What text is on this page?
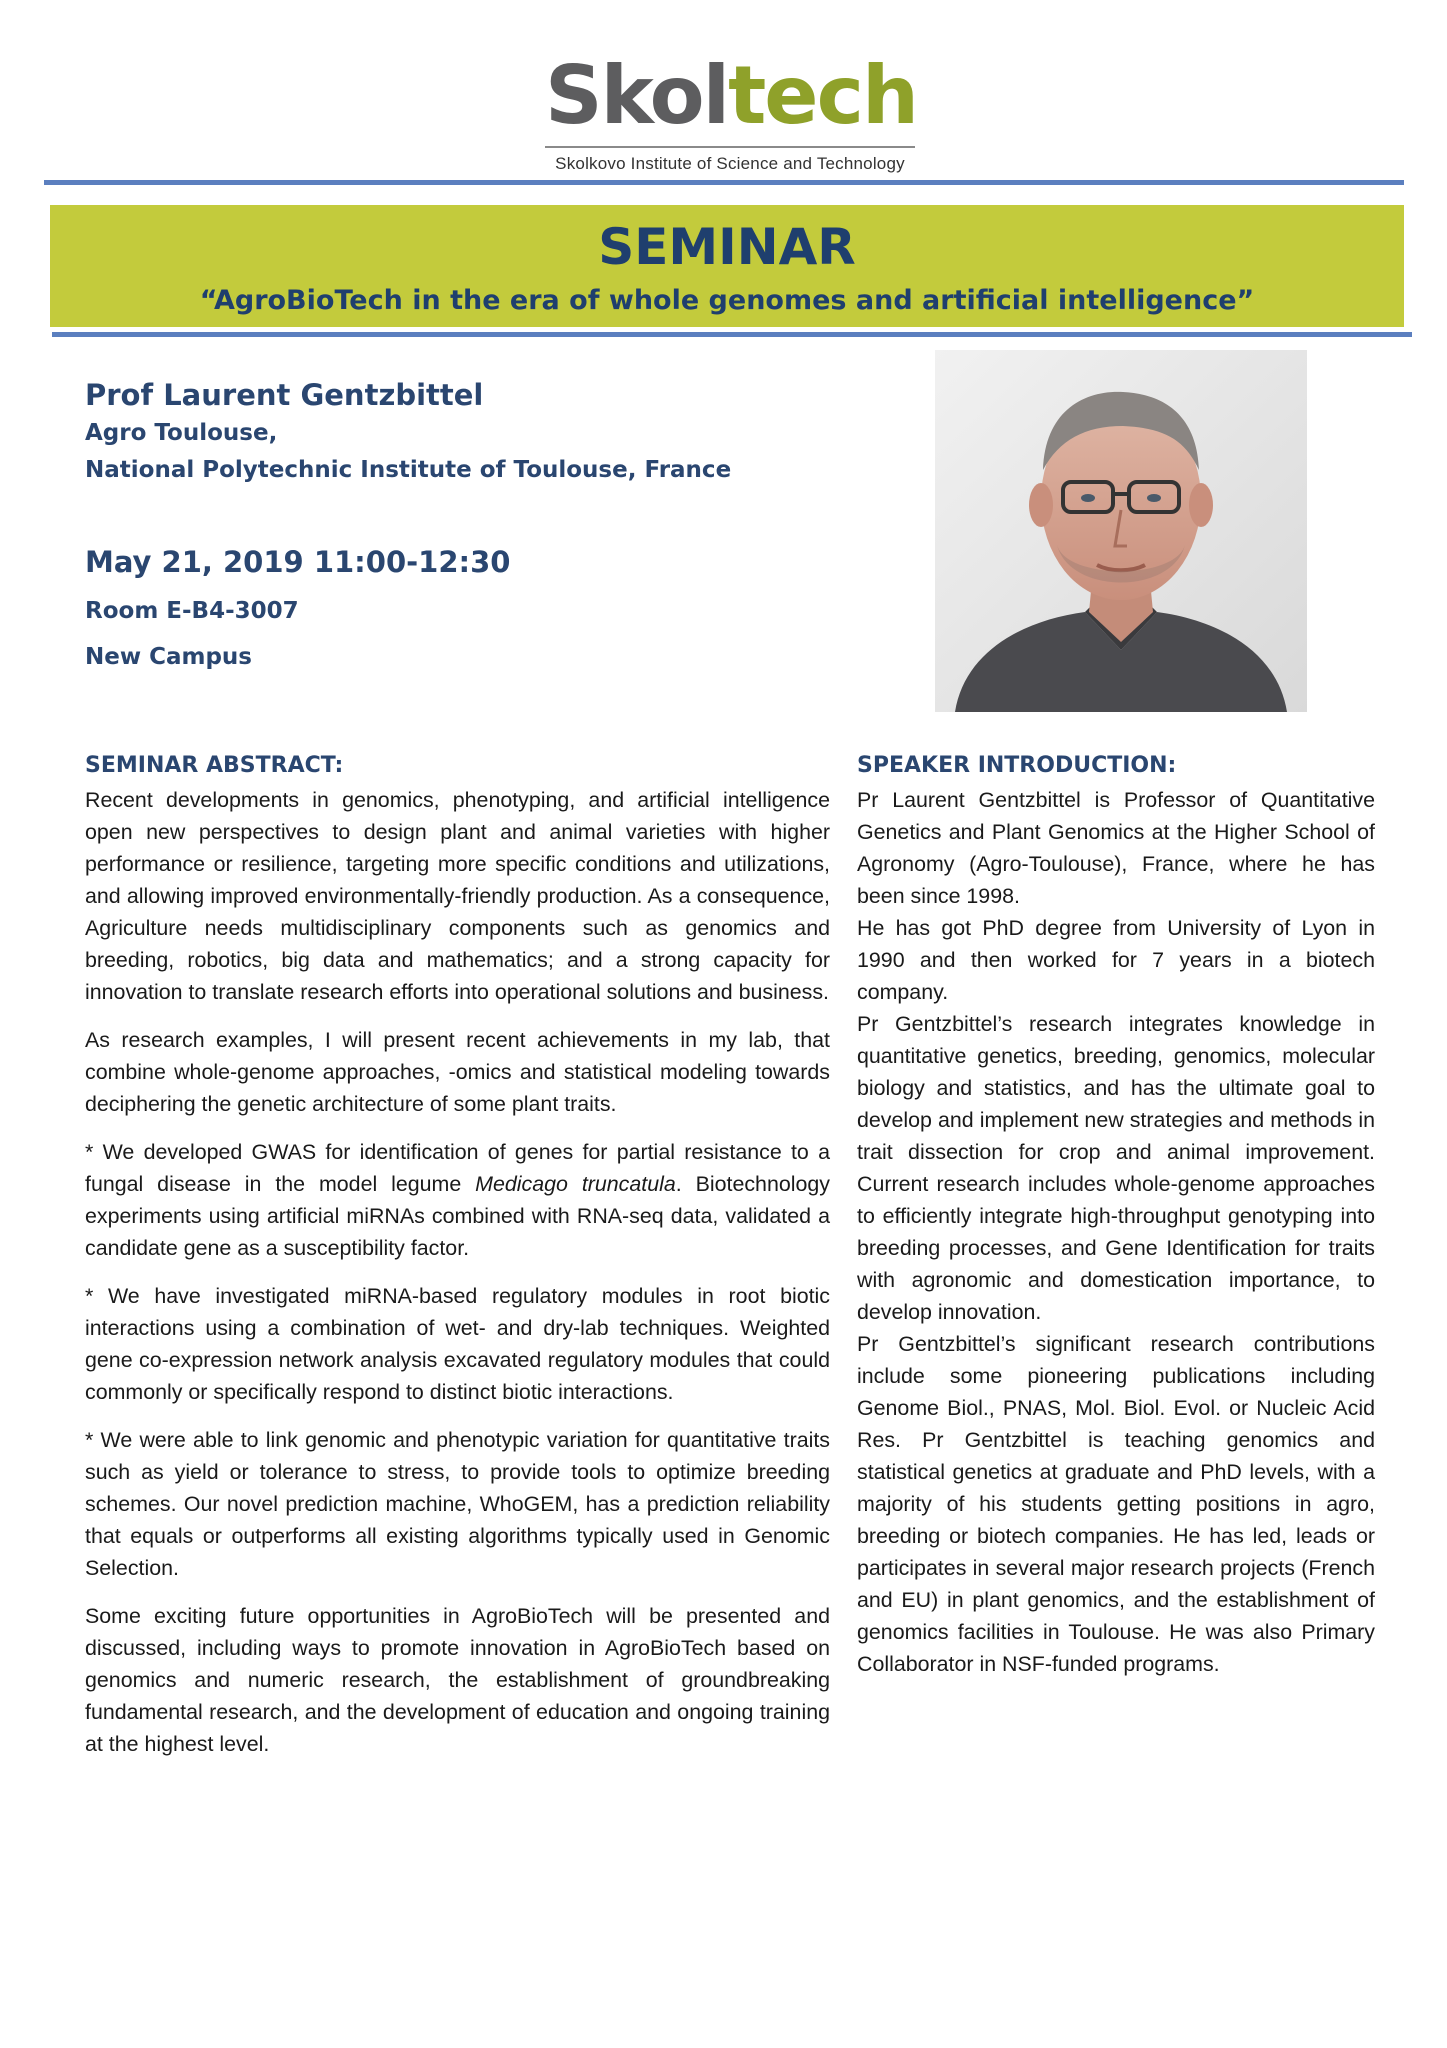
Skoltech
Skolkovo Institute of Science and Technology
SEMINAR
“AgroBioTech in the era of whole genomes and artificial intelligence”
Prof Laurent Gentzbittel
Agro Toulouse,
National Polytechnic Institute of Toulouse, France
May 21, 2019 11:00-12:30
Room E-B4-3007
New Campus
SEMINAR ABSTRACT:

Recent developments in genomics, phenotyping, and artificial intelligence open new perspectives to design plant and animal varieties with higher performance or resilience, targeting more specific conditions and utilizations, and allowing improved environmentally-friendly production. As a consequence, Agriculture needs multidisciplinary components such as genomics and breeding, robotics, big data and mathematics; and a strong capacity for innovation to translate research efforts into operational solutions and business.

As research examples, I will present recent achievements in my lab, that combine whole-genome approaches, -omics and statistical modeling towards deciphering the genetic architecture of some plant traits.

* We developed GWAS for identification of genes for partial resistance to a fungal disease in the model legume Medicago truncatula. Biotechnology experiments using artificial miRNAs combined with RNA-seq data, validated a candidate gene as a susceptibility factor.

* We have investigated miRNA-based regulatory modules in root biotic interactions using a combination of wet- and dry-lab techniques. Weighted gene co-expression network analysis excavated regulatory modules that could commonly or specifically respond to distinct biotic interactions.

* We were able to link genomic and phenotypic variation for quantitative traits such as yield or tolerance to stress, to provide tools to optimize breeding schemes. Our novel prediction machine, WhoGEM, has a prediction reliability that equals or outperforms all existing algorithms typically used in Genomic Selection.

Some exciting future opportunities in AgroBioTech will be presented and discussed, including ways to promote innovation in AgroBioTech based on genomics and numeric research, the establishment of groundbreaking fundamental research, and the development of education and ongoing training at the highest level.

SPEAKER INTRODUCTION:

Pr Laurent Gentzbittel is Professor of Quantitative Genetics and Plant Genomics at the Higher School of Agronomy (Agro-Toulouse), France, where he has been since 1998.

He has got PhD degree from University of Lyon in 1990 and then worked for 7 years in a biotech company.

Pr Gentzbittel’s research integrates knowledge in quantitative genetics, breeding, genomics, molecular biology and statistics, and has the ultimate goal to develop and implement new strategies and methods in trait dissection for crop and animal improvement. Current research includes whole-genome approaches to efficiently integrate high-throughput genotyping into breeding processes, and Gene Identification for traits with agronomic and domestication importance, to develop innovation.

Pr Gentzbittel’s significant research contributions include some pioneering publications including Genome Biol., PNAS, Mol. Biol. Evol. or Nucleic Acid Res. Pr Gentzbittel is teaching genomics and statistical genetics at graduate and PhD levels, with a majority of his students getting positions in agro, breeding or biotech companies. He has led, leads or participates in several major research projects (French and EU) in plant genomics, and the establishment of genomics facilities in Toulouse. He was also Primary Collaborator in NSF-funded programs.
